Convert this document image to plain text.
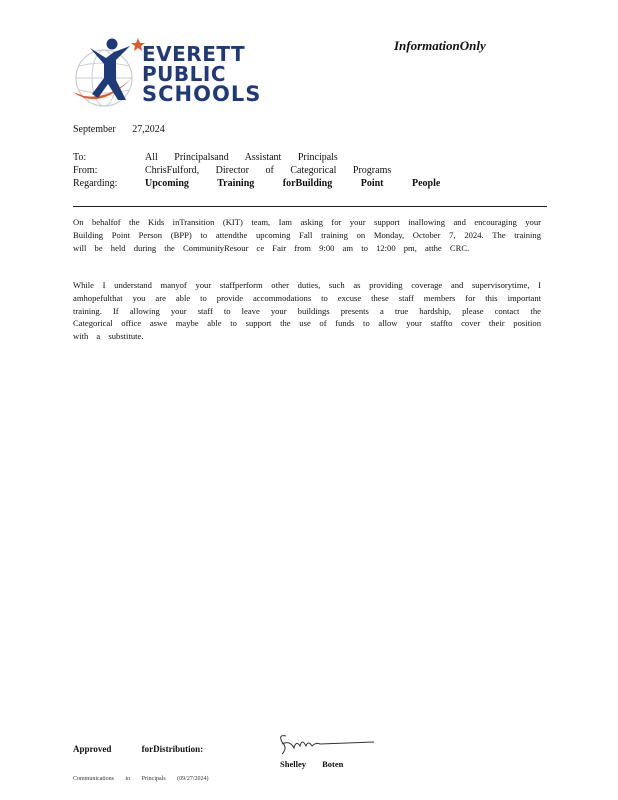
EVERETT
PUBLIC
SCHOOLS
InformationOnly
September 27,2024
To:	All Principalsand Assistant Principals
From:	ChrisFulford, Director of Categorical Programs
Regarding:	Upcoming Training forBuilding Point People

On behalfof the Kids inTransition (KIT) team, Iam asking for your support inallowing and encouraging your Building Point Person (BPP) to attendthe upcoming Fall training on Monday, October 7, 2024. The training will be held during the CommunityResour ce Fair from 9:00 am to 12:00 pm, atthe CRC.

While I understand manyof your staffperform other duties, such as providing coverage and supervisorytime, I amhopefulthat you are able to provide accommodations to excuse these staff members for this important training. If allowing your staff to leave your buildings presents a true hardship, please contact the Categorical office aswe maybe able to support the use of funds to allow your staffto cover their position with a substitute.

Approved forDistribution:
Shelley Boten
Communications to Principals (09/27/2024)
